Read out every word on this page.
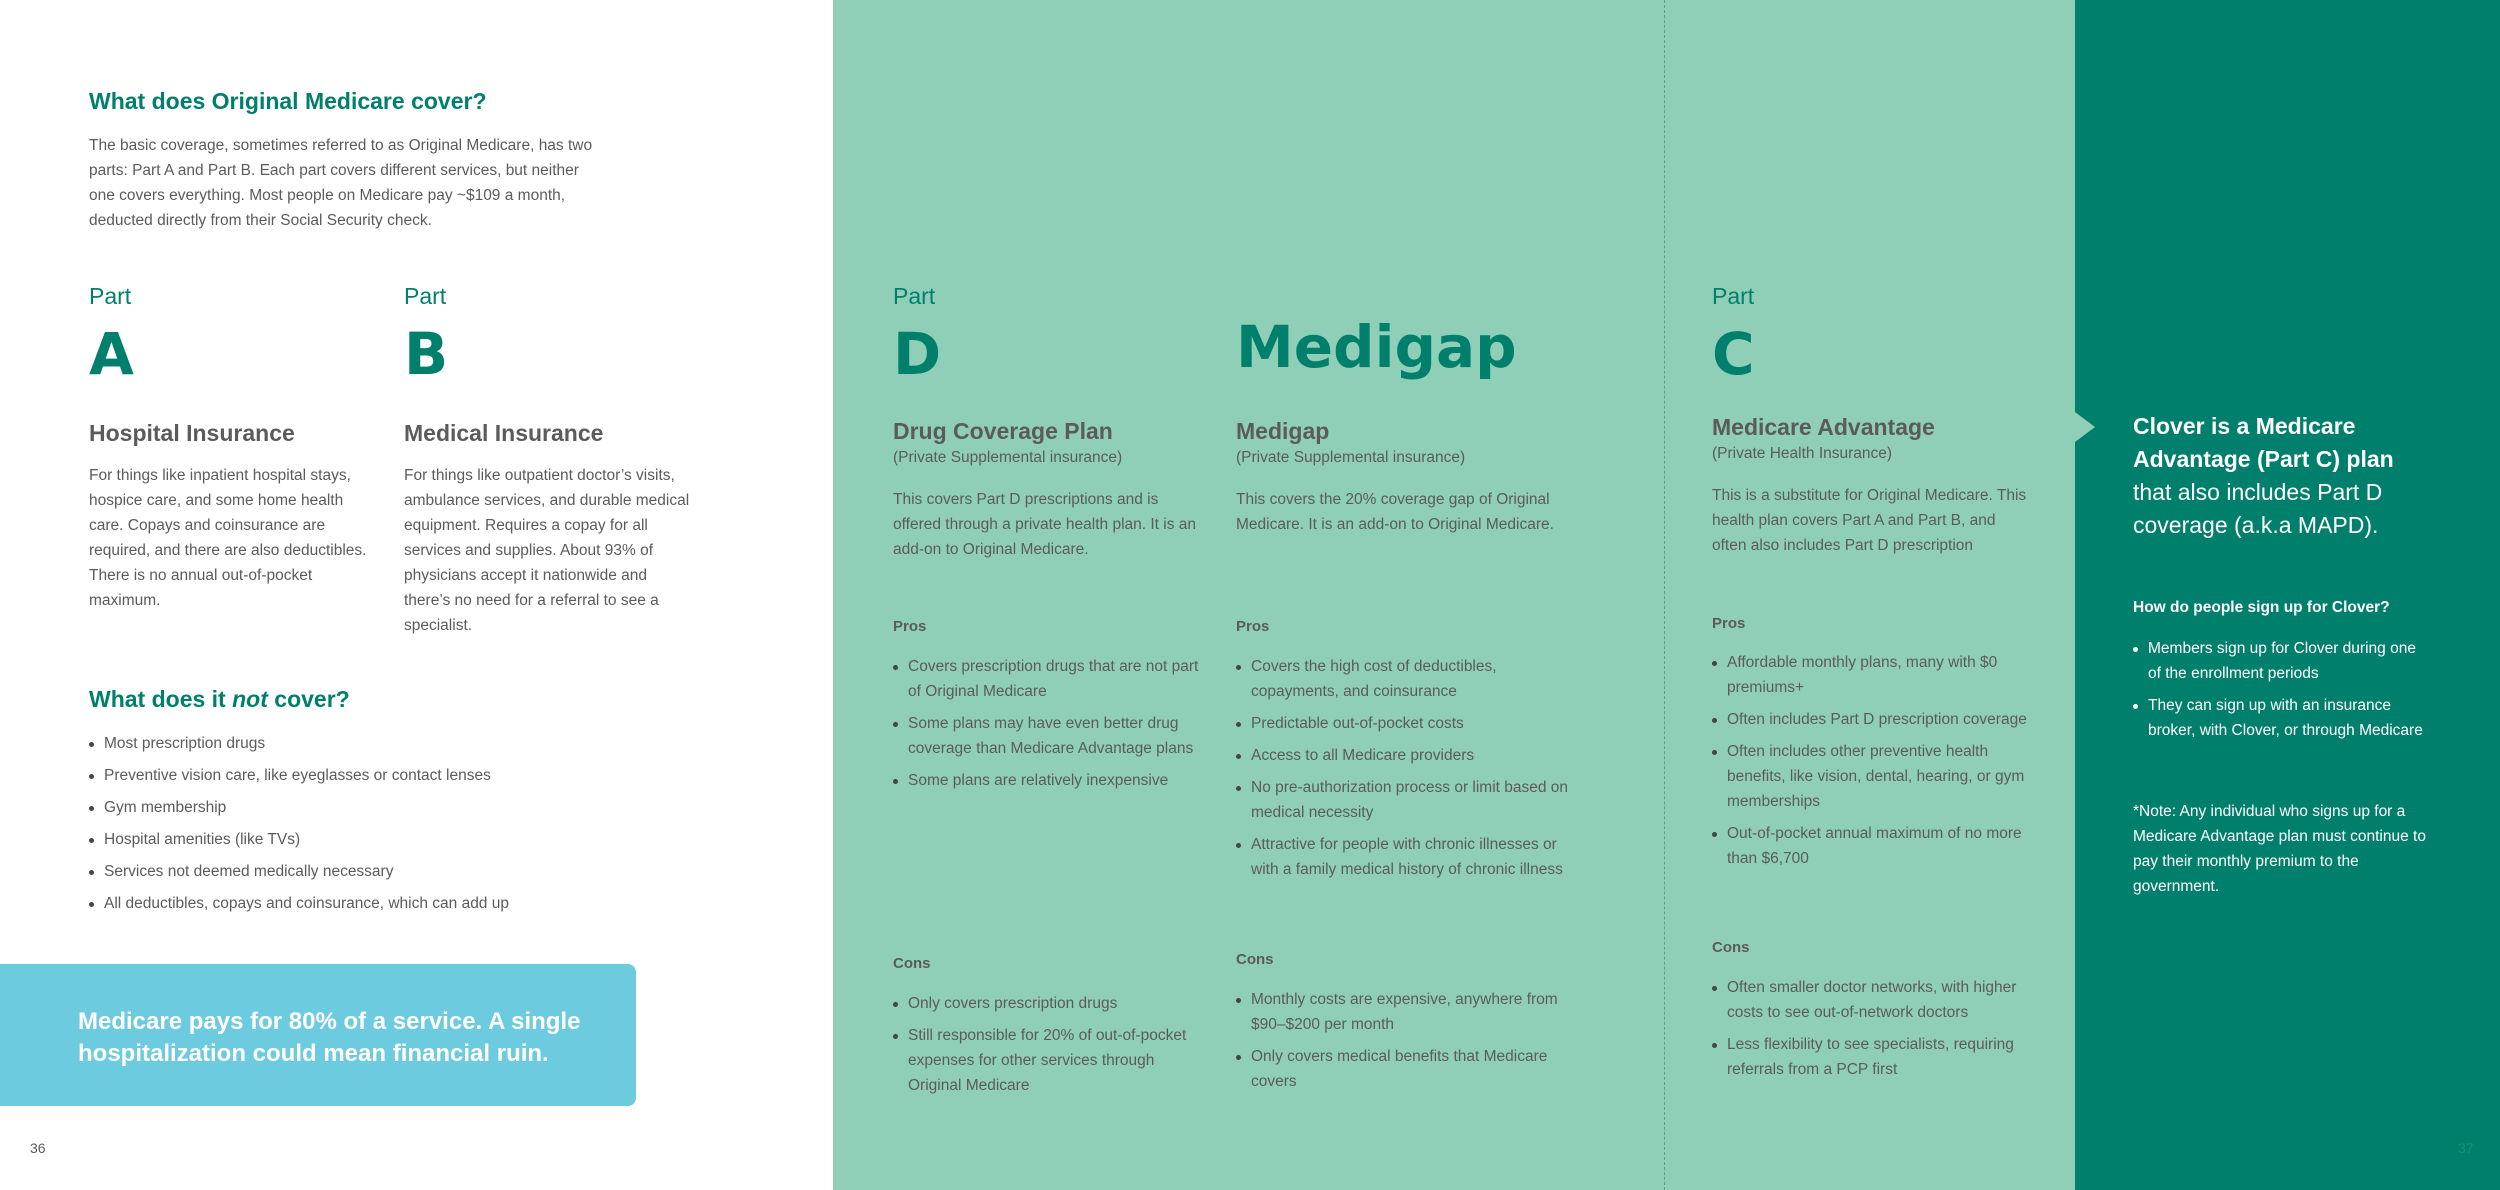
What does Original Medicare cover?
The basic coverage, sometimes referred to as Original Medicare, has two parts: Part A and Part B. Each part covers different services, but neither one covers everything. Most people on Medicare pay ~$109 a month, deducted directly from their Social Security check.
Part
A
Hospital Insurance
For things like inpatient hospital stays, hospice care, and some home health care. Copays and coinsurance are required, and there are also deductibles. There is no annual out-of-pocket maximum.
Part
B
Medical Insurance
For things like outpatient doctor’s visits, ambulance services, and durable medical equipment. Requires a copay for all services and supplies. About 93% of physicians accept it nationwide and there’s no need for a referral to see a specialist.
What does it not cover?
Most prescription drugs
Preventive vision care, like eyeglasses or contact lenses
Gym membership
Hospital amenities (like TVs)
Services not deemed medically necessary
All deductibles, copays and coinsurance, which can add up
Medicare pays for 80% of a service. A single hospitalization could mean financial ruin.
36
Part
D
Drug Coverage Plan
(Private Supplemental insurance)
This covers Part D prescriptions and is offered through a private health plan. It is an add-on to Original Medicare.
Pros
Covers prescription drugs that are not part of Original Medicare
Some plans may have even better drug coverage than Medicare Advantage plans
Some plans are relatively inexpensive
Cons
Only covers prescription drugs
Still responsible for 20% of out-of-pocket expenses for other services through Original Medicare
Medigap
Medigap
(Private Supplemental insurance)
This covers the 20% coverage gap of Original Medicare. It is an add-on to Original Medicare.
Pros
Covers the high cost of deductibles, copayments, and coinsurance
Predictable out-of-pocket costs
Access to all Medicare providers
No pre-authorization process or limit based on medical necessity
Attractive for people with chronic illnesses or with a family medical history of chronic illness
Cons
Monthly costs are expensive, anywhere from $90–$200 per month
Only covers medical benefits that Medicare covers
Part
C
Medicare Advantage
(Private Health Insurance)
This is a substitute for Original Medicare. This health plan covers Part A and Part B, and often also includes Part D prescription
Pros
Affordable monthly plans, many with $0 premiums+
Often includes Part D prescription coverage
Often includes other preventive health benefits, like vision, dental, hearing, or gym memberships
Out-of-pocket annual maximum of no more than $6,700
Cons
Often smaller doctor networks, with higher costs to see out-of-network doctors
Less flexibility to see specialists, requiring referrals from a PCP first
Clover is a Medicare Advantage (Part C) plan that also includes Part D coverage (a.k.a MAPD).
How do people sign up for Clover?
Members sign up for Clover during one of the enrollment periods
They can sign up with an insurance broker, with Clover, or through Medicare
*Note: Any individual who signs up for a Medicare Advantage plan must continue to pay their monthly premium to the government.
37
